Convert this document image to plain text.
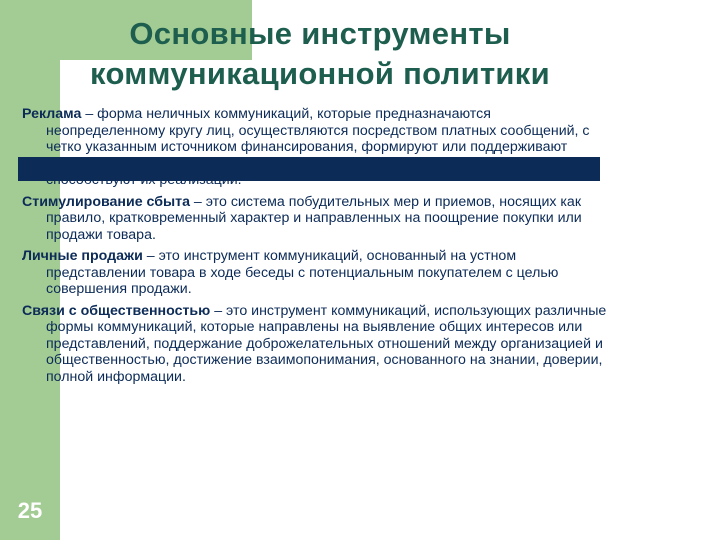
Основные инструменты
коммуникационной политики

Реклама – форма неличных коммуникаций, которые предназначаются неопределенному кругу лиц, осуществляются посредством платных сообщений, с четко указанным источником финансирования, формируют или поддерживают

Стимулирование сбыта – это система побудительных мер и приемов, носящих как правило, кратковременный характер и направленных на поощрение покупки или продажи товара.

Личные продажи – это инструмент коммуникаций, основанный на устном представлении товара в ходе беседы с потенциальным покупателем с целью совершения продажи.

Связи с общественностью – это инструмент коммуникаций, использующих различные формы коммуникаций, которые направлены на выявление общих интересов или представлений, поддержание доброжелательных отношений между организацией и общественностью, достижение взаимопонимания, основанного на знании, доверии, полной информации.

25
